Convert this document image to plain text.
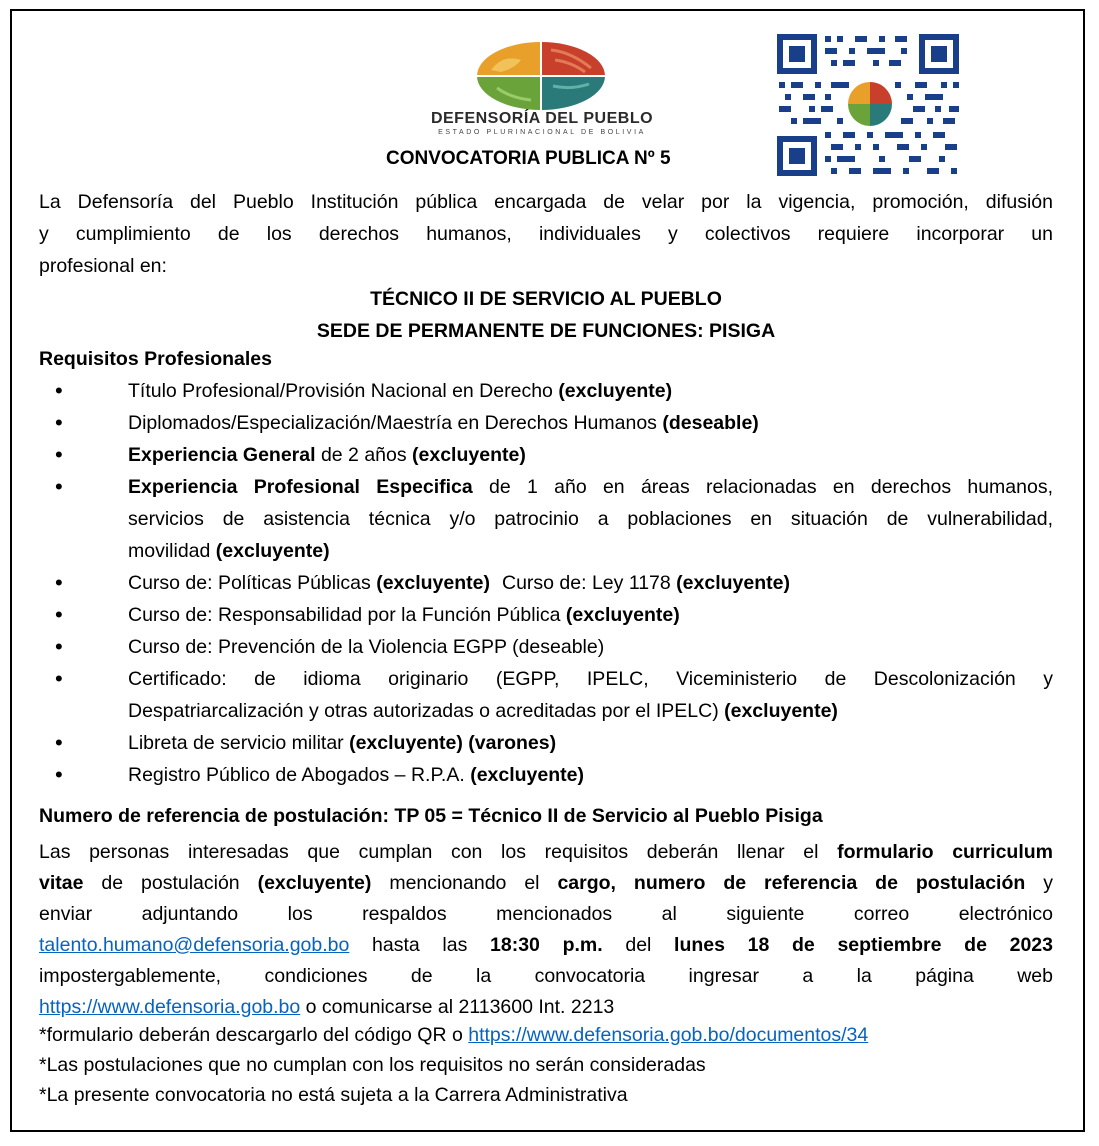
DEFENSORÍA DEL PUEBLO
ESTADO PLURINACIONAL DE BOLIVIA
CONVOCATORIA PUBLICA Nº 5
La Defensoría del Pueblo Institución pública encargada de velar por la vigencia, promoción, difusión
y cumplimiento de los derechos humanos, individuales y colectivos requiere incorporar un
profesional en:
TÉCNICO II DE SERVICIO AL PUEBLO
SEDE DE PERMANENTE DE FUNCIONES: PISIGA
Requisitos Profesionales
• Título Profesional/Provisión Nacional en Derecho (excluyente)
• Diplomados/Especialización/Maestría en Derechos Humanos (deseable)
• Experiencia General de 2 años (excluyente)
• Experiencia Profesional Especifica de 1 año en áreas relacionadas en derechos humanos,
servicios de asistencia técnica y/o patrocinio a poblaciones en situación de vulnerabilidad,
movilidad (excluyente)
• Curso de: Políticas Públicas (excluyente) Curso de: Ley 1178 (excluyente)
• Curso de: Responsabilidad por la Función Pública (excluyente)
• Curso de: Prevención de la Violencia EGPP (deseable)
• Certificado: de idioma originario (EGPP, IPELC, Viceministerio de Descolonización y
Despatriarcalización y otras autorizadas o acreditadas por el IPELC) (excluyente)
• Libreta de servicio militar (excluyente) (varones)
• Registro Público de Abogados – R.P.A. (excluyente)
Numero de referencia de postulación: TP 05 = Técnico II de Servicio al Pueblo Pisiga
Las personas interesadas que cumplan con los requisitos deberán llenar el formulario curriculum
vitae de postulación (excluyente) mencionando el cargo, numero de referencia de postulación y
enviar adjuntando los respaldos mencionados al siguiente correo electrónico
talento.humano@defensoria.gob.bo hasta las 18:30 p.m. del lunes 18 de septiembre de 2023
impostergablemente, condiciones de la convocatoria ingresar a la página web
https://www.defensoria.gob.bo o comunicarse al 2113600 Int. 2213
*formulario deberán descargarlo del código QR o https://www.defensoria.gob.bo/documentos/34
*Las postulaciones que no cumplan con los requisitos no serán consideradas
*La presente convocatoria no está sujeta a la Carrera Administrativa
